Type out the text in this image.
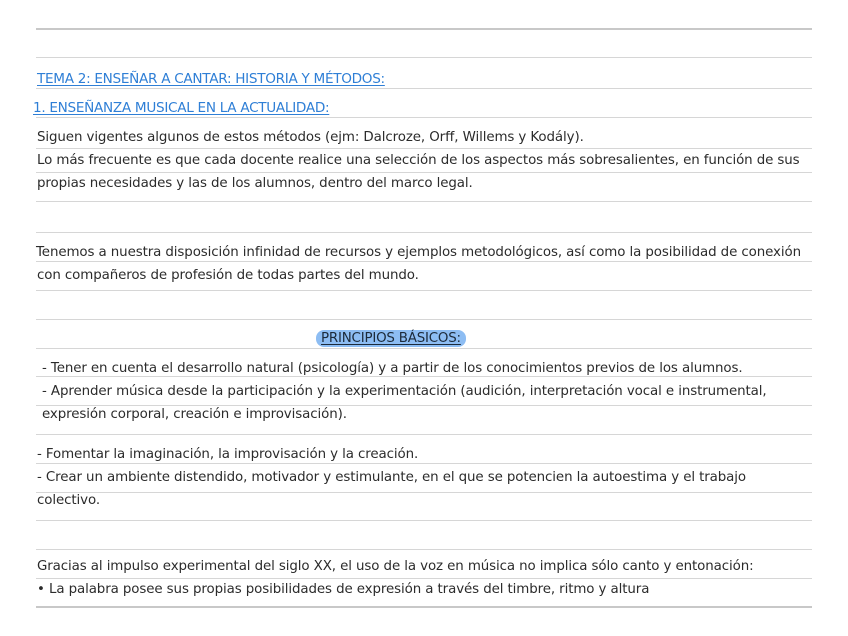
TEMA 2: ENSEÑAR A CANTAR: HISTORIA Y MÉTODOS:
1. ENSEÑANZA MUSICAL EN LA ACTUALIDAD:
Siguen vigentes algunos de estos métodos (ejm: Dalcroze, Orff, Willems y Kodály).
Lo más frecuente es que cada docente realice una selección de los aspectos más sobresalientes, en función de sus
propias necesidades y las de los alumnos, dentro del marco legal.
Tenemos a nuestra disposición infinidad de recursos y ejemplos metodológicos, así como la posibilidad de conexión
con compañeros de profesión de todas partes del mundo.
PRINCIPIOS BÁSICOS:
- Tener en cuenta el desarrollo natural (psicología) y a partir de los conocimientos previos de los alumnos.
- Aprender música desde la participación y la experimentación (audición, interpretación vocal e instrumental,
expresión corporal, creación e improvisación).
- Fomentar la imaginación, la improvisación y la creación.
- Crear un ambiente distendido, motivador y estimulante, en el que se potencien la autoestima y el trabajo
colectivo.
Gracias al impulso experimental del siglo XX, el uso de la voz en música no implica sólo canto y entonación:
• La palabra posee sus propias posibilidades de expresión a través del timbre, ritmo y altura
